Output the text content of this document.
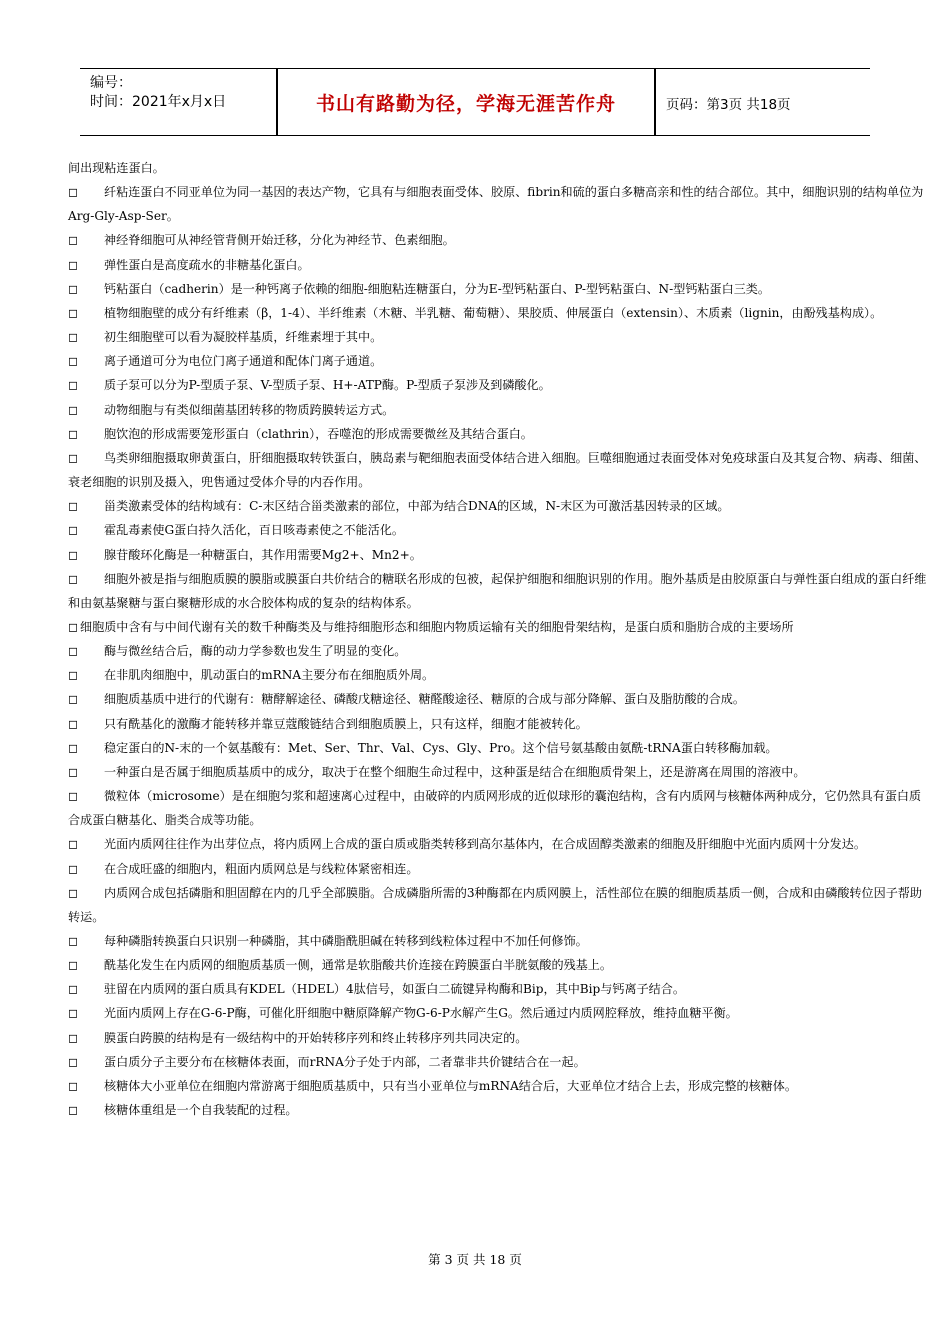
编号：
时间：2021年x月x日	书山有路勤为径，学海无涯苦作舟	页码：第3页 共18页

间出现粘连蛋白。

◻ 纤粘连蛋白不同亚单位为同一基因的表达产物，它具有与细胞表面受体、胶原、fibrin和硫的蛋白多糖高亲和性的结合部位。其中，细胞识别的结构单位为Arg-Gly-Asp-Ser。

◻ 神经脊细胞可从神经管背侧开始迁移，分化为神经节、色素细胞。

◻ 弹性蛋白是高度疏水的非糖基化蛋白。

◻ 钙粘蛋白（cadherin）是一种钙离子依赖的细胞-细胞粘连糖蛋白，分为E-型钙粘蛋白、P-型钙粘蛋白、N-型钙粘蛋白三类。

◻ 植物细胞壁的成分有纤维素（β，1-4）、半纤维素（木糖、半乳糖、葡萄糖）、果胶质、伸展蛋白（extensin）、木质素（lignin，由酚残基构成）。

◻ 初生细胞壁可以看为凝胶样基质，纤维素埋于其中。

◻ 离子通道可分为电位门离子通道和配体门离子通道。

◻ 质子泵可以分为P-型质子泵、V-型质子泵、H+-ATP酶。P-型质子泵涉及到磷酸化。

◻ 动物细胞与有类似细菌基团转移的物质跨膜转运方式。

◻ 胞饮泡的形成需要笼形蛋白（clathrin），吞噬泡的形成需要微丝及其结合蛋白。

◻ 鸟类卵细胞摄取卵黄蛋白，肝细胞摄取转铁蛋白，胰岛素与靶细胞表面受体结合进入细胞。巨噬细胞通过表面受体对免疫球蛋白及其复合物、病毒、细菌、衰老细胞的识别及摄入，兜售通过受体介导的内吞作用。

◻ 甾类激素受体的结构域有：C-末区结合甾类激素的部位，中部为结合DNA的区域，N-末区为可激活基因转录的区域。

◻ 霍乱毒素使G蛋白持久活化，百日咳毒素使之不能活化。

◻ 腺苷酸环化酶是一种糖蛋白，其作用需要Mg2+、Mn2+。

◻ 细胞外被是指与细胞质膜的膜脂或膜蛋白共价结合的糖联名形成的包被，起保护细胞和细胞识别的作用。胞外基质是由胶原蛋白与弹性蛋白组成的蛋白纤维和由氨基聚糖与蛋白聚糖形成的水合胶体构成的复杂的结构体系。

◻ 细胞质中含有与中间代谢有关的数千种酶类及与维持细胞形态和细胞内物质运输有关的细胞骨架结构，是蛋白质和脂肪合成的主要场所

◻ 酶与微丝结合后，酶的动力学参数也发生了明显的变化。

◻ 在非肌肉细胞中，肌动蛋白的mRNA主要分布在细胞质外周。

◻ 细胞质基质中进行的代谢有：糖酵解途径、磷酸戊糖途径、糖醛酸途径、糖原的合成与部分降解、蛋白及脂肪酸的合成。

◻ 只有酰基化的激酶才能转移并靠豆蔻酸链结合到细胞质膜上，只有这样，细胞才能被转化。

◻ 稳定蛋白的N-末的一个氨基酸有：Met、Ser、Thr、Val、Cys、Gly、Pro。这个信号氨基酸由氨酰-tRNA蛋白转移酶加载。

◻ 一种蛋白是否属于细胞质基质中的成分，取决于在整个细胞生命过程中，这种蛋是结合在细胞质骨架上，还是游离在周围的溶液中。

◻ 微粒体（microsome）是在细胞匀浆和超速离心过程中，由破碎的内质网形成的近似球形的囊泡结构，含有内质网与核糖体两种成分，它仍然具有蛋白质合成蛋白糖基化、脂类合成等功能。

◻ 光面内质网往往作为出芽位点，将内质网上合成的蛋白质或脂类转移到高尔基体内，在合成固醇类激素的细胞及肝细胞中光面内质网十分发达。

◻ 在合成旺盛的细胞内，粗面内质网总是与线粒体紧密相连。

◻ 内质网合成包括磷脂和胆固醇在内的几乎全部膜脂。合成磷脂所需的3种酶都在内质网膜上，活性部位在膜的细胞质基质一侧，合成和由磷酸转位因子帮助转运。

◻ 每种磷脂转换蛋白只识别一种磷脂，其中磷脂酰胆碱在转移到线粒体过程中不加任何修饰。

◻ 酰基化发生在内质网的细胞质基质一侧，通常是软脂酸共价连接在跨膜蛋白半胱氨酸的残基上。

◻ 驻留在内质网的蛋白质具有KDEL（HDEL）4肽信号，如蛋白二硫键异构酶和Bip，其中Bip与钙离子结合。

◻ 光面内质网上存在G-6-P酶，可催化肝细胞中糖原降解产物G-6-P水解产生G。然后通过内质网腔释放，维持血糖平衡。

◻ 膜蛋白跨膜的结构是有一级结构中的开始转移序列和终止转移序列共同决定的。

◻ 蛋白质分子主要分布在核糖体表面，而rRNA分子处于内部，二者靠非共价键结合在一起。

◻ 核糖体大小亚单位在细胞内常游离于细胞质基质中，只有当小亚单位与mRNA结合后，大亚单位才结合上去，形成完整的核糖体。

◻ 核糖体重组是一个自我装配的过程。

第 3 页 共 18 页
